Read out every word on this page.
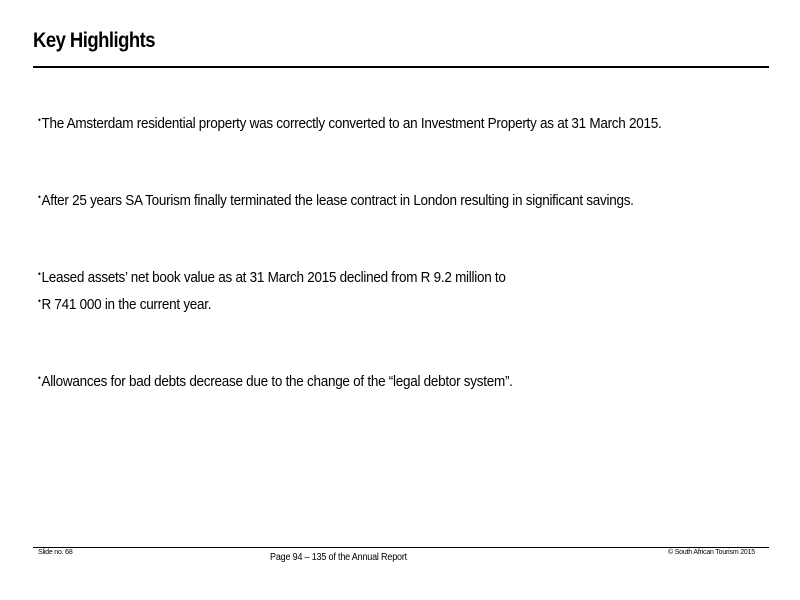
Key Highlights
•The Amsterdam residential property was correctly converted to an Investment Property as at 31 March 2015.
•After 25 years SA Tourism finally terminated the lease contract in London resulting in significant savings.
•Leased assets’ net book value as at 31 March 2015 declined from R 9.2 million to
•R 741 000 in the current year.
•Allowances for bad debts decrease due to the change of the “legal debtor system”.
Slide no. 68	Page 94 – 135 of the Annual Report	© South African Tourism 2015
